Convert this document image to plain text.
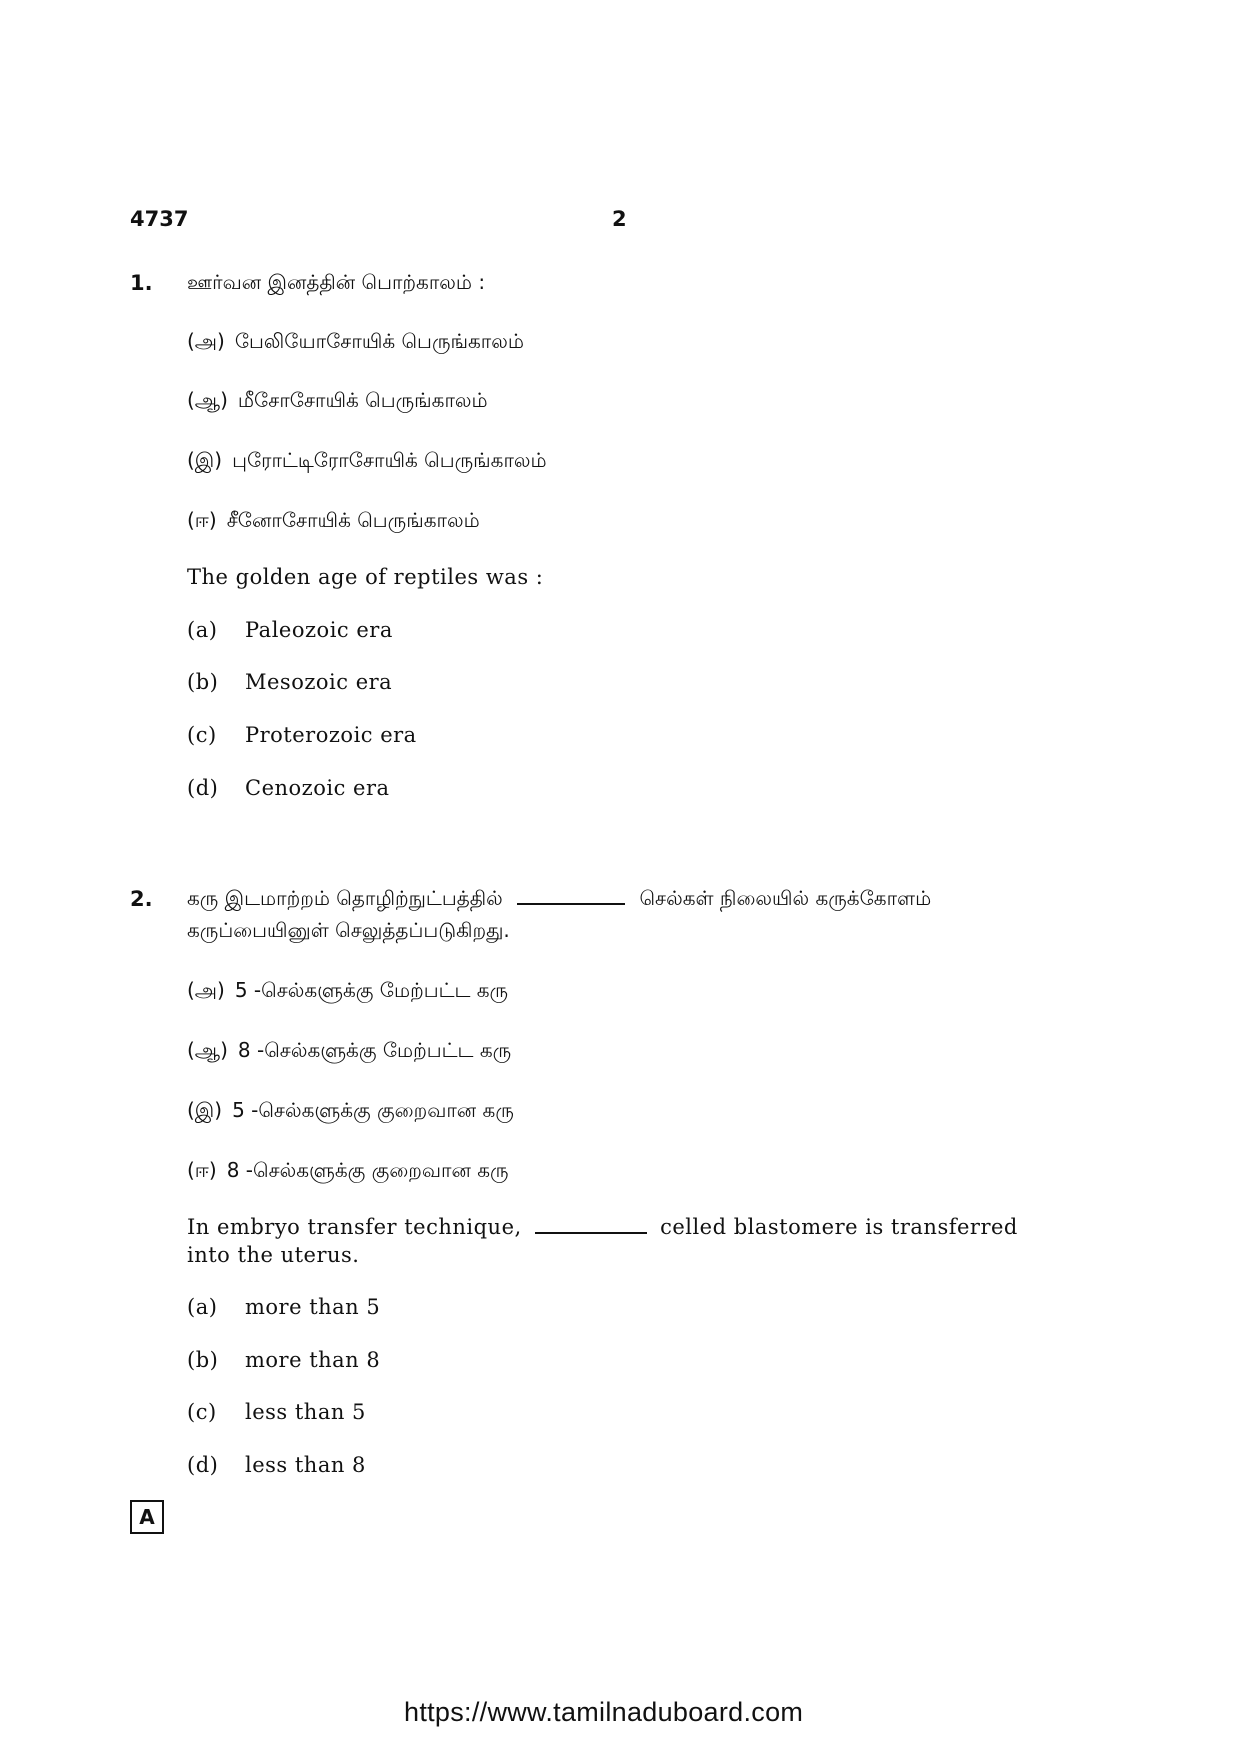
4737	2
1. ஊர்வன இனத்தின் பொற்காலம் :
(அ) பேலியோசோயிக் பெருங்காலம்
(ஆ) மீசோசோயிக் பெருங்காலம்
(இ) புரோட்டிரோசோயிக் பெருங்காலம்
(ஈ) சீனோசோயிக் பெருங்காலம்
The golden age of reptiles was :
(a)	Paleozoic era
(b)	Mesozoic era
(c)	Proterozoic era
(d)	Cenozoic era
2. கரு இடமாற்றம் தொழிற்நுட்பத்தில்	செல்கள் நிலையில் கருக்கோளம்
கருப்பையினுள் செலுத்தப்படுகிறது.
(அ) 5 -செல்களுக்கு மேற்பட்ட கரு
(ஆ) 8 -செல்களுக்கு மேற்பட்ட கரு
(இ) 5 -செல்களுக்கு குறைவான கரு
(ஈ) 8 -செல்களுக்கு குறைவான கரு
In embryo transfer technique,	celled blastomere is transferred
into the uterus.
(a)	more than 5
(b)	more than 8
(c)	less than 5
(d)	less than 8
A
https://www.tamilnaduboard.com
